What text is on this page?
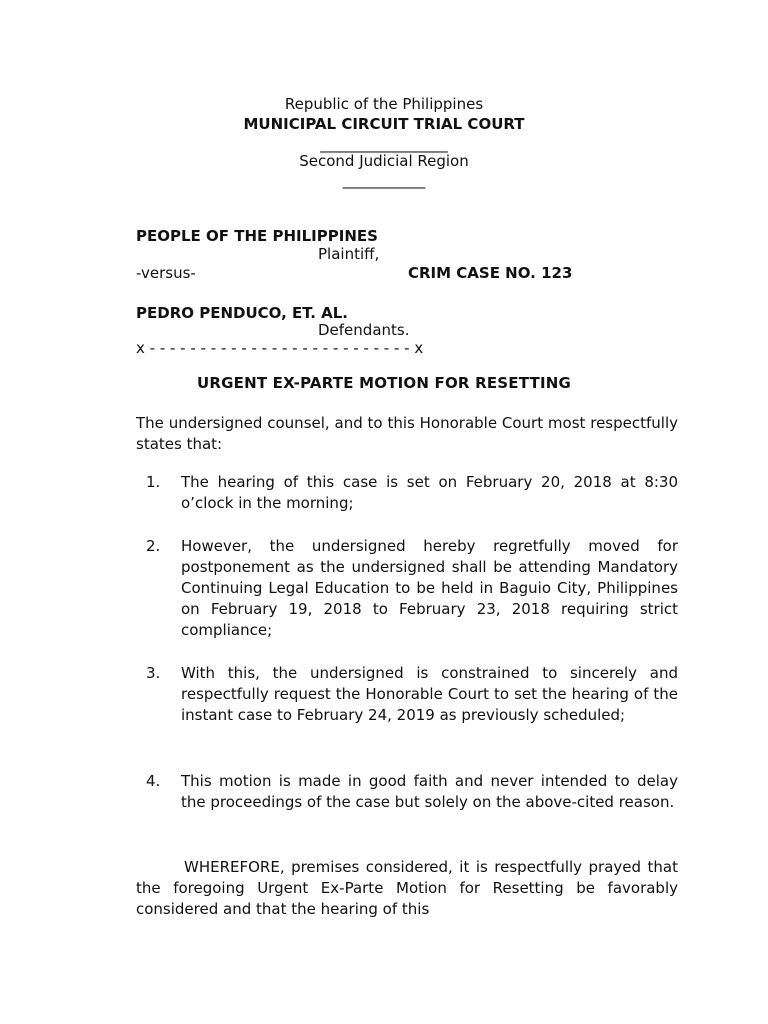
Republic of the Philippines
MUNICIPAL CIRCUIT TRIAL COURT
_________________
Second Judicial Region
___________
PEOPLE OF THE PHILIPPINES
Plaintiff,
-versus-	CRIM CASE NO. 123
PEDRO PENDUCO, ET. AL.
Defendants.
x - - - - - - - - - - - - - - - - - - - - - - - - - - x
URGENT EX-PARTE MOTION FOR RESETTING
The undersigned counsel, and to this Honorable Court most respectfully states that:
1.	The hearing of this case is set on February 20, 2018 at 8:30 o’clock in the morning;
2.	However, the undersigned hereby regretfully moved for postponement as the undersigned shall be attending Mandatory Continuing Legal Education to be held in Baguio City, Philippines on February 19, 2018 to February 23, 2018 requiring strict compliance;
3.	With this, the undersigned is constrained to sincerely and respectfully request the Honorable Court to set the hearing of the instant case to February 24, 2019 as previously scheduled;
4.	This motion is made in good faith and never intended to delay the proceedings of the case but solely on the above-cited reason.
WHEREFORE, premises considered, it is respectfully prayed that the foregoing Urgent Ex-Parte Motion for Resetting be favorably considered and that the hearing of this
